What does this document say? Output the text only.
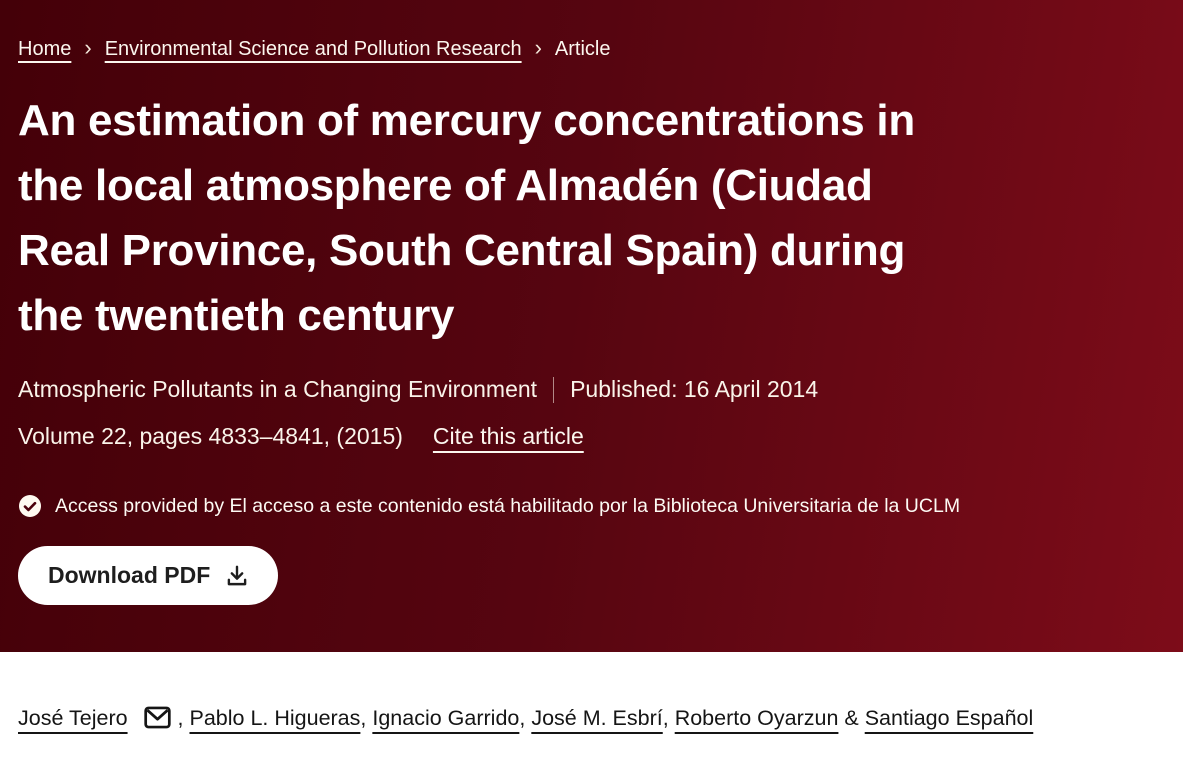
Home › Environmental Science and Pollution Research › Article
An estimation of mercury concentrations in
the local atmosphere of Almadén (Ciudad
Real Province, South Central Spain) during
the twentieth century
Atmospheric Pollutants in a Changing Environment Published: 16 April 2014
Volume 22, pages 4833–4841, (2015) Cite this article
Access provided by El acceso a este contenido está habilitado por la Biblioteca Universitaria de la UCLM
Download PDF
José Tejero , Pablo L. Higueras, Ignacio Garrido, José M. Esbrí, Roberto Oyarzun & Santiago Español
